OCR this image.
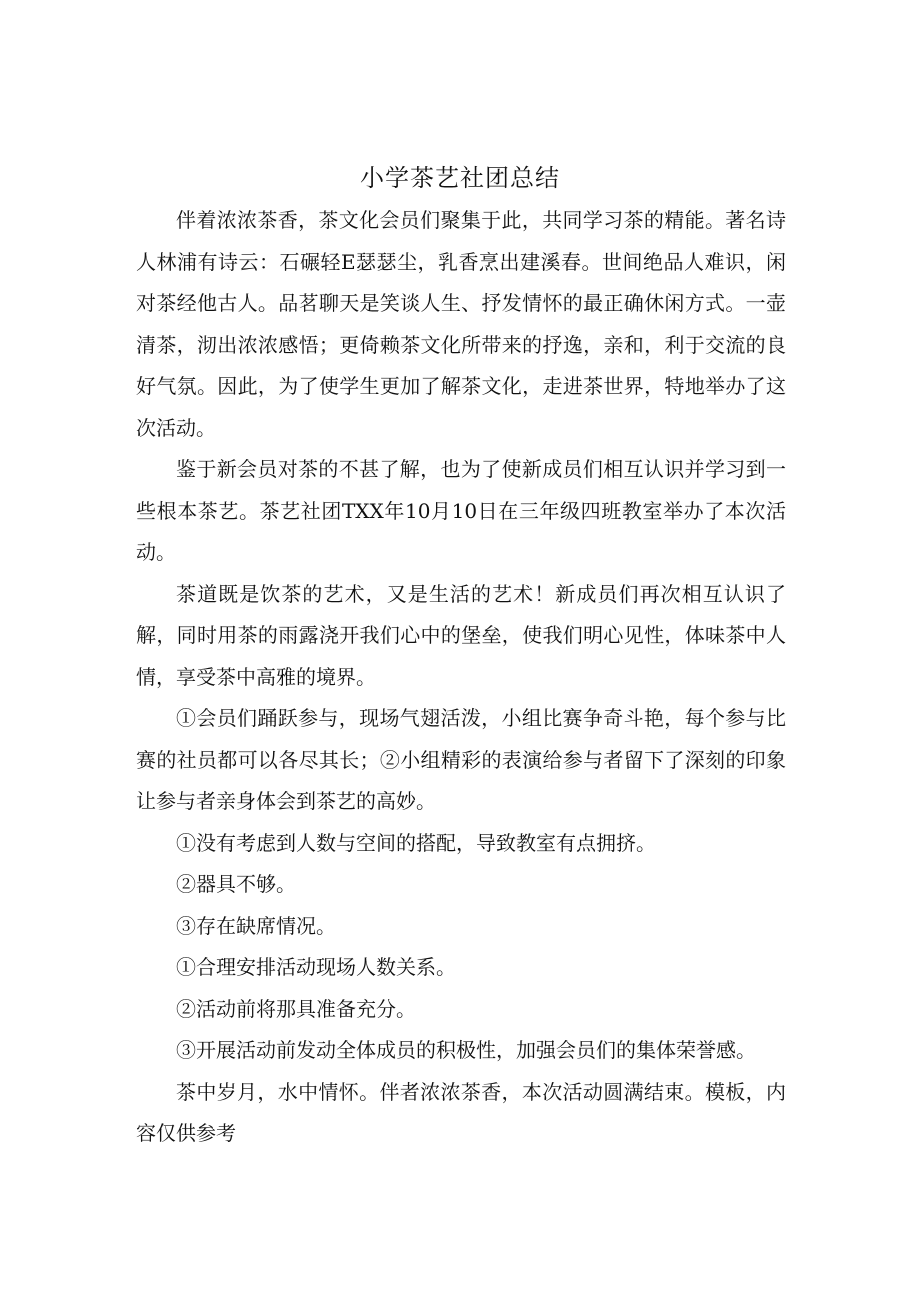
小学茶艺社团总结

伴着浓浓茶香，茶文化会员们聚集于此，共同学习茶的精能。著名诗人林浦有诗云：石碾轻E瑟瑟尘，乳香烹出建溪春。世间绝品人难识，闲对茶经他古人。品茗聊天是笑谈人生、抒发情怀的最正确休闲方式。一壶清茶，沏出浓浓感悟；更倚赖茶文化所带来的抒逸，亲和，利于交流的良好气氛。因此，为了使学生更加了解茶文化，走进茶世界，特地举办了这次活动。

鉴于新会员对茶的不甚了解，也为了使新成员们相互认识并学习到一些根本茶艺。茶艺社团TXX年10月10日在三年级四班教室举办了本次活动。

茶道既是饮茶的艺术，又是生活的艺术！新成员们再次相互认识了解，同时用茶的雨露浇开我们心中的堡垒，使我们明心见性，体味茶中人情，享受茶中高雅的境界。

①会员们踊跃参与，现场气翅活泼，小组比赛争奇斗艳，每个参与比赛的社员都可以各尽其长；②小组精彩的表演给参与者留下了深刻的印象让参与者亲身体会到茶艺的高妙。

①没有考虑到人数与空间的搭配，导致教室有点拥挤。

②器具不够。

③存在缺席情况。

①合理安排活动现场人数关系。

②活动前将那具准备充分。

③开展活动前发动全体成员的积极性，加强会员们的集体荣誉感。

茶中岁月，水中情怀。伴者浓浓茶香，本次活动圆满结束。模板，内容仅供参考
